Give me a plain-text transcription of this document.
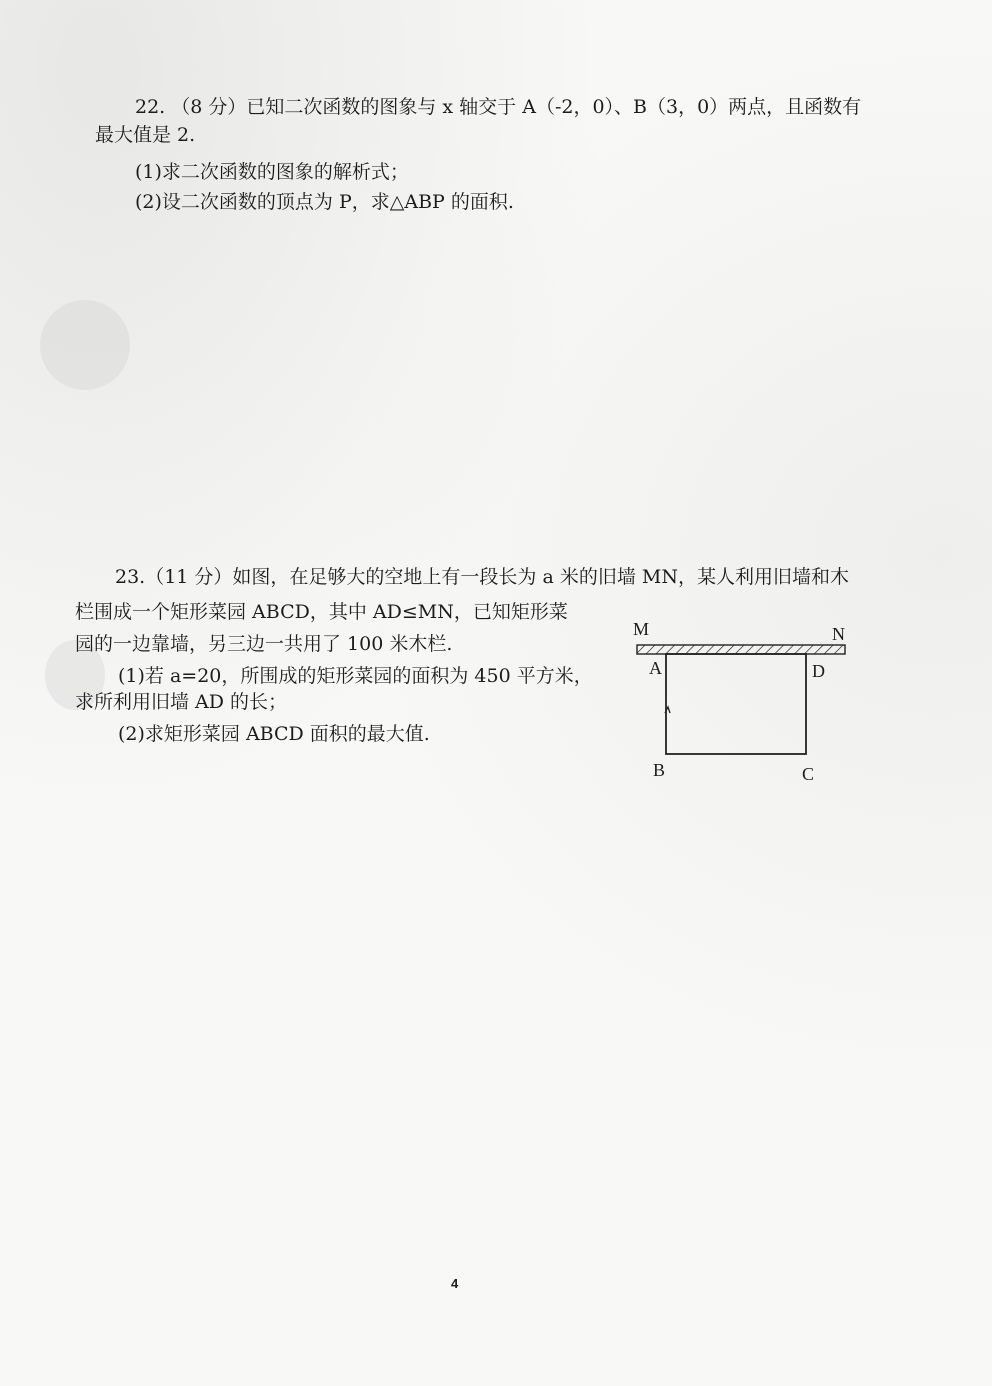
22. （8 分）已知二次函数的图象与 x 轴交于 A（-2，0）、B（3，0）两点，且函数有
最大值是 2.
(1)求二次函数的图象的解析式；
(2)设二次函数的顶点为 P，求△ABP 的面积.
23.（11 分）如图，在足够大的空地上有一段长为 a 米的旧墙 MN，某人利用旧墙和木
栏围成一个矩形菜园 ABCD，其中 AD≤MN，已知矩形菜
园的一边靠墙，另三边一共用了 100 米木栏.
(1)若 a=20，所围成的矩形菜园的面积为 450 平方米，
求所利用旧墙 AD 的长；
(2)求矩形菜园 ABCD 面积的最大值.
M	N
A	D
B	C
4
